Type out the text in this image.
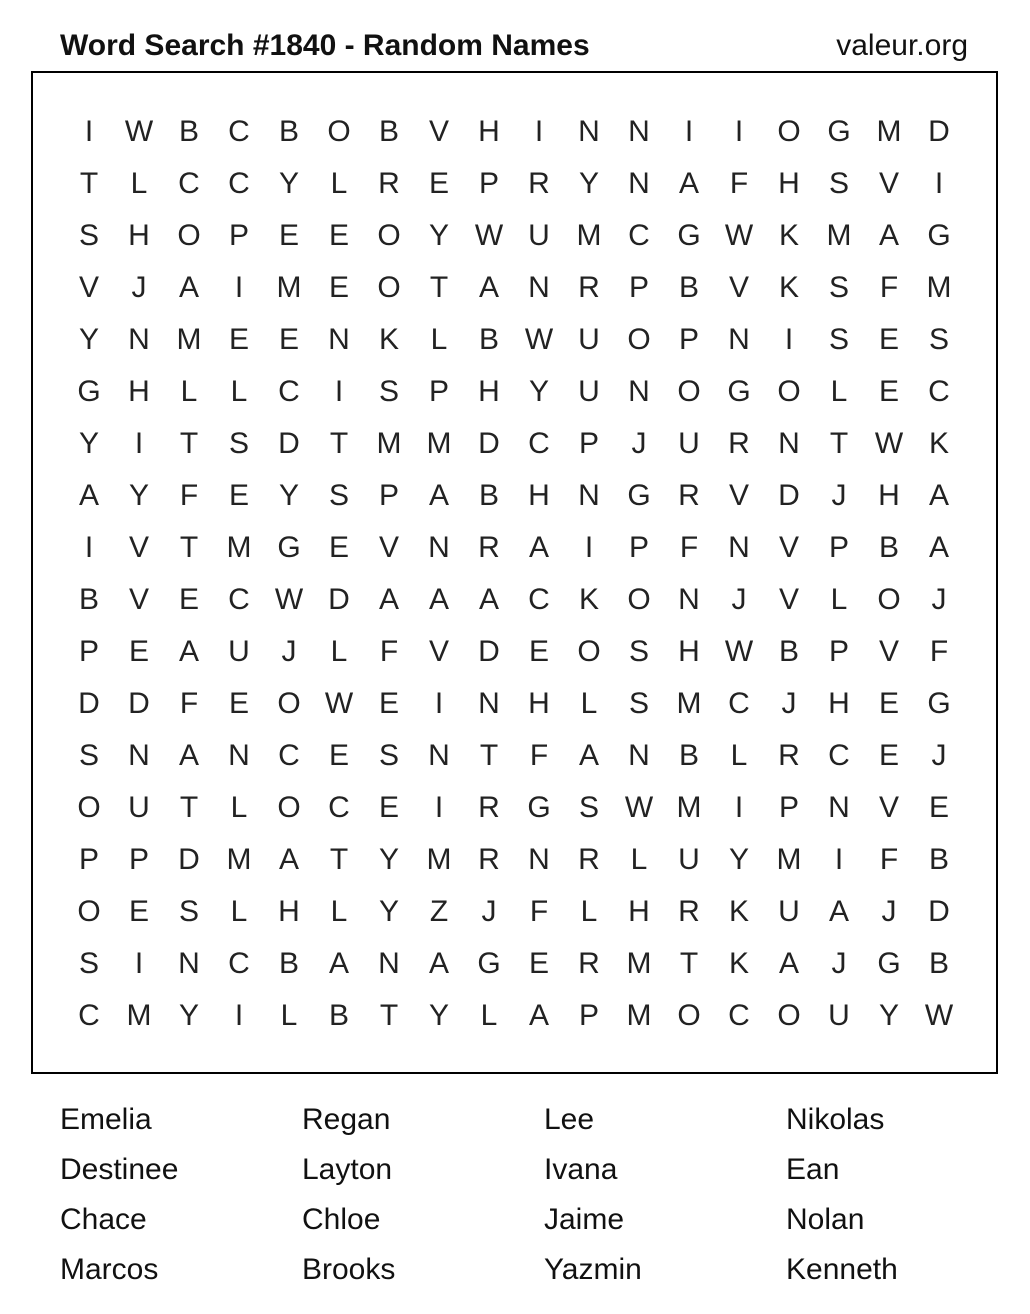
Word Search #1840 - Random Names	valeur.org
I	W B C B O B V H	I	N N	I	I	O G M D
T	L	C C Y	L	R E P R Y N A	F	H S V	I
S H O P E E O Y W U M C G W K M A G
V	J	A	I	M E O T	A N R P B V K S	F M
Y N M E E N K	L	B W U O P N	I	S E S
G H	L	L	C	I	S P H Y U N O G O L	E C
Y	I	T	S D	T M M D C P	J	U R N	T W K
A Y	F	E Y S P A B H N G R V D	J	H A
I	V	T M G E V N R A	I	P	F	N V P B A
B V E C W D A A A C K O N	J	V	L O	J
P E A U	J	L	F	V D E O S H W B P V	F
D D	F	E O W E	I	N H	L	S M C	J	H E G
S N A N C E S N	T	F	A N B	L	R C E	J
O U	T	L O C E	I	R G S W M	I	P N V E
P P D M A	T	Y M R N R	L	U Y M	I	F	B
O E S	L	H	L	Y	Z	J	F	L	H R K U A	J	D
S	I	N C B A N A G E R M T	K A	J	G B
C M Y	I	L	B	T	Y	L	A P M O C O U Y W
Emelia	Regan	Lee	Nikolas
Destinee	Layton	Ivana	Ean
Chace	Chloe	Jaime	Nolan
Marcos	Brooks	Yazmin	Kenneth
